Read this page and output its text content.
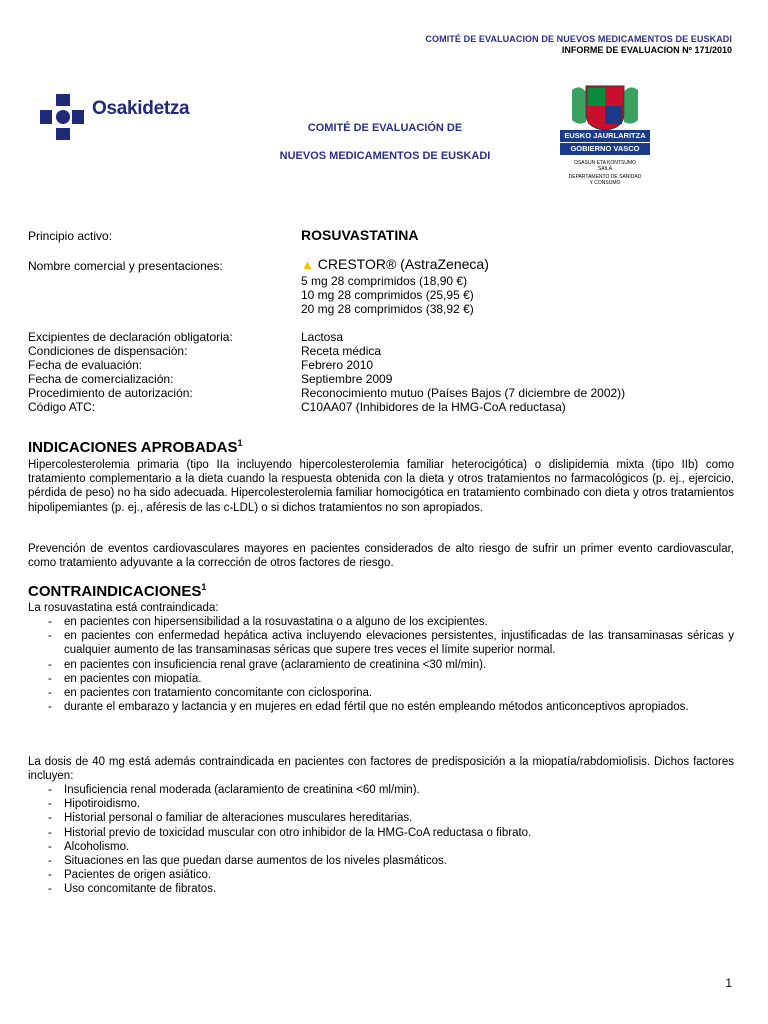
COMITÉ DE EVALUACION DE NUEVOS MEDICAMENTOS DE EUSKADI
INFORME DE EVALUACION Nº 171/2010
Osakidetza
COMITÉ DE EVALUACIÓN DE
NUEVOS MEDICAMENTOS DE EUSKADI
EUSKO JAURLARITZA
GOBIERNO VASCO
OSASUN ETA KONTSUMO
SAILA
DEPARTAMENTO DE SANIDAD
Y CONSUMO
Principio activo:	ROSUVASTATINA
Nombre comercial y presentaciones:	▲ CRESTOR® (AstraZeneca)
5 mg 28 comprimidos (18,90 €)
10 mg 28 comprimidos (25,95 €)
20 mg 28 comprimidos (38,92 €)
Excipientes de declaración obligatoria:
Condiciones de dispensación:
Fecha de evaluación:
Fecha de comercialización:
Procedimiento de autorización:
Código ATC:
Lactosa
Receta médica
Febrero 2010
Septiembre 2009
Reconocimiento mutuo (Países Bajos (7 diciembre de 2002))
C10AA07 (Inhibidores de la HMG-CoA reductasa)
INDICACIONES APROBADAS$^1$
Hipercolesterolemia primaria (tipo IIa incluyendo hipercolesterolemia familiar heterocigótica) o dislipidemia mixta (tipo IIb) como tratamiento complementario a la dieta cuando la respuesta obtenida con la dieta y otros tratamientos no farmacológicos (p. ej., ejercicio, pérdida de peso) no ha sido adecuada. Hipercolesterolemia familiar homocigótica en tratamiento combinado con dieta y otros tratamientos hipolipemiantes (p. ej., aféresis de las c-LDL) o si dichos tratamientos no son apropiados.
Prevención de eventos cardiovasculares mayores en pacientes considerados de alto riesgo de sufrir un primer evento cardiovascular, como tratamiento adyuvante a la corrección de otros factores de riesgo.
CONTRAINDICACIONES$^1$
La rosuvastatina está contraindicada:
- en pacientes con hipersensibilidad a la rosuvastatina o a alguno de los excipientes.
- en pacientes con enfermedad hepática activa incluyendo elevaciones persistentes, injustificadas de las transaminasas séricas y cualquier aumento de las transaminasas séricas que supere tres veces el límite superior normal.
- en pacientes con insuficiencia renal grave (aclaramiento de creatinina <30 ml/min).
- en pacientes con miopatía.
- en pacientes con tratamiento concomitante con ciclosporina.
- durante el embarazo y lactancia y en mujeres en edad fértil que no estén empleando métodos anticonceptivos apropiados.
La dosis de 40 mg está además contraindicada en pacientes con factores de predisposición a la miopatía/rabdomiolisis. Dichos factores incluyen:
- Insuficiencia renal moderada (aclaramiento de creatinina <60 ml/min).
- Hipotiroidismo.
- Historial personal o familiar de alteraciones musculares hereditarias.
- Historial previo de toxicidad muscular con otro inhibidor de la HMG-CoA reductasa o fibrato.
- Alcoholismo.
- Situaciones en las que puedan darse aumentos de los niveles plasmáticos.
- Pacientes de origen asiático.
- Uso concomitante de fibratos.
1
